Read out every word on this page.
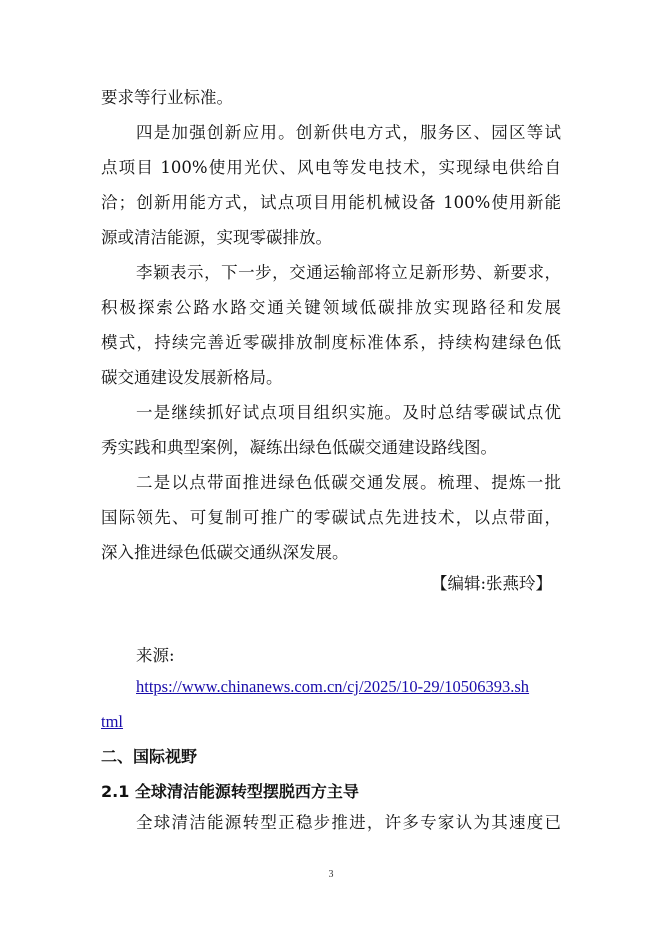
要求等行业标准。
四是加强创新应用。创新供电方式，服务区、园区等试
点项目 100%使用光伏、风电等发电技术，实现绿电供给自
洽；创新用能方式，试点项目用能机械设备 100%使用新能
源或清洁能源，实现零碳排放。
李颖表示，下一步，交通运输部将立足新形势、新要求，
积极探索公路水路交通关键领域低碳排放实现路径和发展
模式，持续完善近零碳排放制度标准体系，持续构建绿色低
碳交通建设发展新格局。
一是继续抓好试点项目组织实施。及时总结零碳试点优
秀实践和典型案例，凝练出绿色低碳交通建设路线图。
二是以点带面推进绿色低碳交通发展。梳理、提炼一批
国际领先、可复制可推广的零碳试点先进技术，以点带面，
深入推进绿色低碳交通纵深发展。
【编辑:张燕玲】
来源:
https://www.chinanews.com.cn/cj/2025/10-29/10506393.sh
tml
二、国际视野
2.1 全球清洁能源转型摆脱西方主导
全球清洁能源转型正稳步推进，许多专家认为其速度已
3
